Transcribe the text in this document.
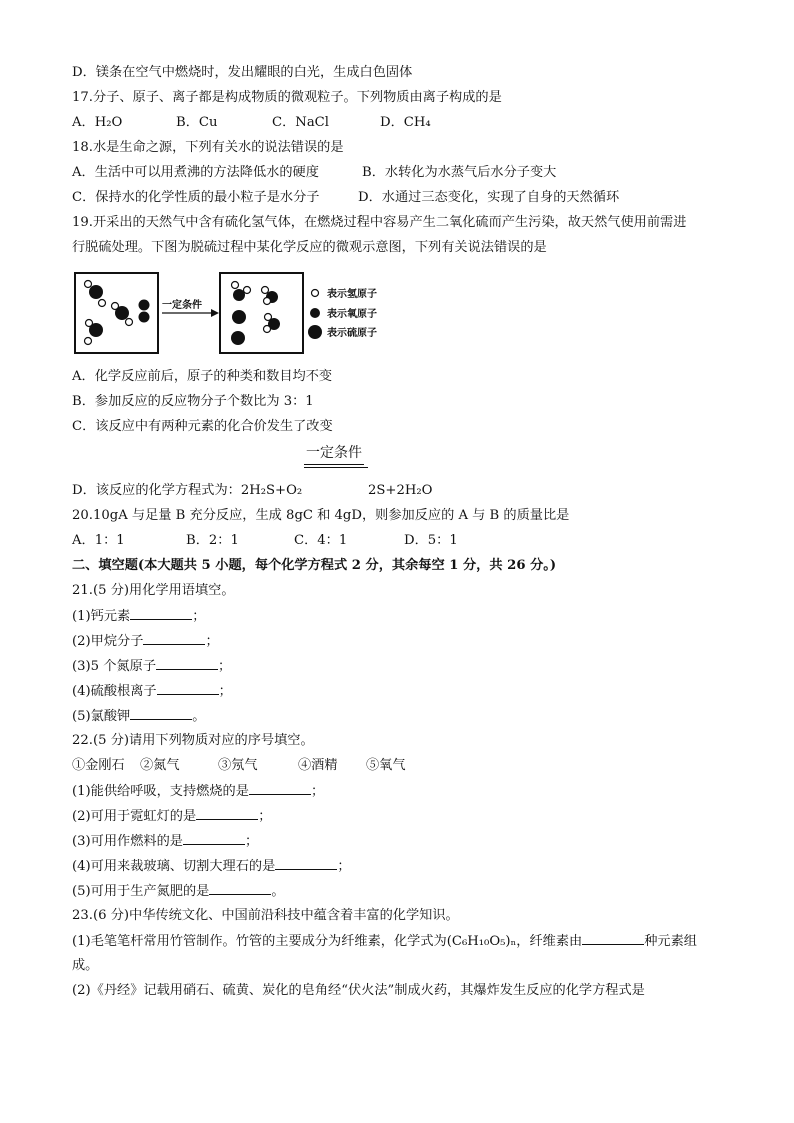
D．镁条在空气中燃烧时，发出耀眼的白光，生成白色固体
17.分子、原子、离子都是构成物质的微观粒子。下列物质由离子构成的是
A．H₂O	B．Cu	C．NaCl	D．CH₄
18.水是生命之源，下列有关水的说法错误的是
A．生活中可以用煮沸的方法降低水的硬度	B．水转化为水蒸气后水分子变大
C．保持水的化学性质的最小粒子是水分子	D．水通过三态变化，实现了自身的天然循环
19.开采出的天然气中含有硫化氢气体，在燃烧过程中容易产生二氧化硫而产生污染，故天然气使用前需进
行脱硫处理。下图为脱硫过程中某化学反应的微观示意图，下列有关说法错误的是
一定条件
表示氢原子
表示氧原子
表示硫原子
A．化学反应前后，原子的种类和数目均不变
B．参加反应的反应物分子个数比为 3：1
C．该反应中有两种元素的化合价发生了改变
一定条件
D．该反应的化学方程式为：2H₂S+O₂	2S+2H₂O
20.10gA 与足量 B 充分反应，生成 8gC 和 4gD，则参加反应的 A 与 B 的质量比是
A．1：1	B．2：1	C．4：1	D．5：1
二、填空题(本大题共 5 小题，每个化学方程式 2 分，其余每空 1 分，共 26 分。)
21.(5 分)用化学用语填空。
(1)钙元素	；
(2)甲烷分子	；
(3)5 个氮原子	；
(4)硫酸根离子	；
(5)氯酸钾	。
22.(5 分)请用下列物质对应的序号填空。
①金刚石 ②氮气	③氖气	④酒精 ⑤氧气
(1)能供给呼吸，支持燃烧的是	；
(2)可用于霓虹灯的是	；
(3)可用作燃料的是	；
(4)可用来裁玻璃、切割大理石的是	；
(5)可用于生产氮肥的是	。
23.(6 分)中华传统文化、中国前沿科技中蕴含着丰富的化学知识。
(1)毛笔笔杆常用竹管制作。竹管的主要成分为纤维素，化学式为(C₆H₁₀O₅)ₙ，纤维素由	种元素组
成。
(2)《丹经》记载用硝石、硫黄、炭化的皂角经“伏火法”制成火药，其爆炸发生反应的化学方程式是
